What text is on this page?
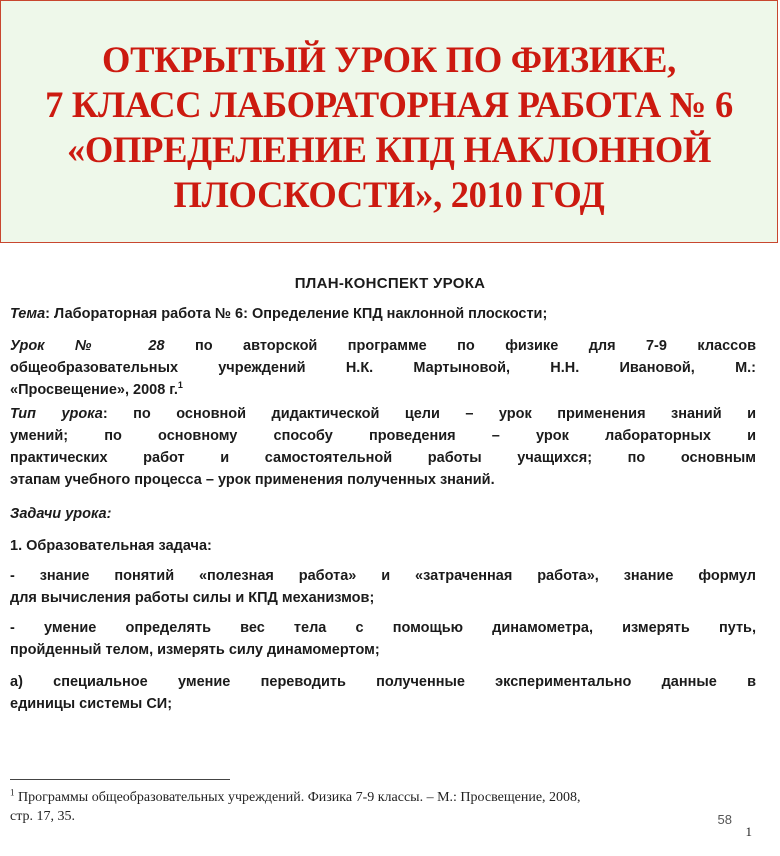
ОТКРЫТЫЙ УРОК ПО ФИЗИКЕ,
7 КЛАСС ЛАБОРАТОРНАЯ РАБОТА № 6
«ОПРЕДЕЛЕНИЕ КПД НАКЛОННОЙ
ПЛОСКОСТИ», 2010 ГОД
ПЛАН-КОНСПЕКТ УРОКА
Тема: Лабораторная работа № 6: Определение КПД наклонной плоскости;
Урок № 28 по авторской программе по физике для 7-9 классов
общеобразовательных учреждений Н.К. Мартыновой, Н.Н. Ивановой, М.:
«Просвещение», 2008 г.$^1$
Тип урока: по основной дидактической цели – урок применения знаний и
умений; по основному способу проведения – урок лабораторных и
практических работ и самостоятельной работы учащихся; по основным
этапам учебного процесса – урок применения полученных знаний.
Задачи урока:
1. Образовательная задача:
- знание понятий «полезная работа» и «затраченная работа», знание формул
для вычисления работы силы и КПД механизмов;
- умение определять вес тела с помощью динамометра, измерять путь,
пройденный телом, измерять силу динамомертом;
а) специальное умение переводить полученные экспериментально данные в
единицы системы СИ;
$^1$ Программы общеобразовательных учреждений. Физика 7-9 классы. – М.: Просвещение, 2008,
стр. 17, 35.	58
1
